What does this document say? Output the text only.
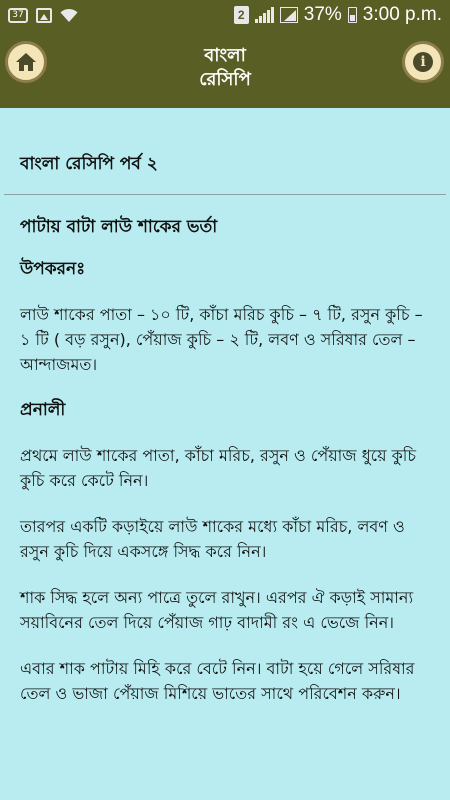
37	2	37% 3:00 p.m.
বাংলা
রেসিপি
i

বাংলা রেসিপি পর্ব ২

পাটায় বাটা লাউ শাকের ভর্তা

উপকরনঃ

লাউ শাকের পাতা – ১০ টি, কাঁচা মরিচ কুচি – ৭ টি, রসুন কুচি – ১ টি ( বড় রসুন), পেঁয়াজ কুচি – ২ টি, লবণ ও সরিষার তেল – আন্দাজমত।

প্রনালী

প্রথমে লাউ শাকের পাতা, কাঁচা মরিচ, রসুন ও পেঁয়াজ ধুয়ে কুচি কুচি করে কেটে নিন।

তারপর একটি কড়াইয়ে লাউ শাকের মধ্যে কাঁচা মরিচ, লবণ ও রসুন কুচি দিয়ে একসঙ্গে সিদ্ধ করে নিন।

শাক সিদ্ধ হলে অন্য পাত্রে তুলে রাখুন। এরপর ঐ কড়াই সামান্য সয়াবিনের তেল দিয়ে পেঁয়াজ গাঢ় বাদামী রং এ ভেজে নিন।

এবার শাক পাটায় মিহি করে বেটে নিন। বাটা হয়ে গেলে সরিষার তেল ও ভাজা পেঁয়াজ মিশিয়ে ভাতের সাথে পরিবেশন করুন।
